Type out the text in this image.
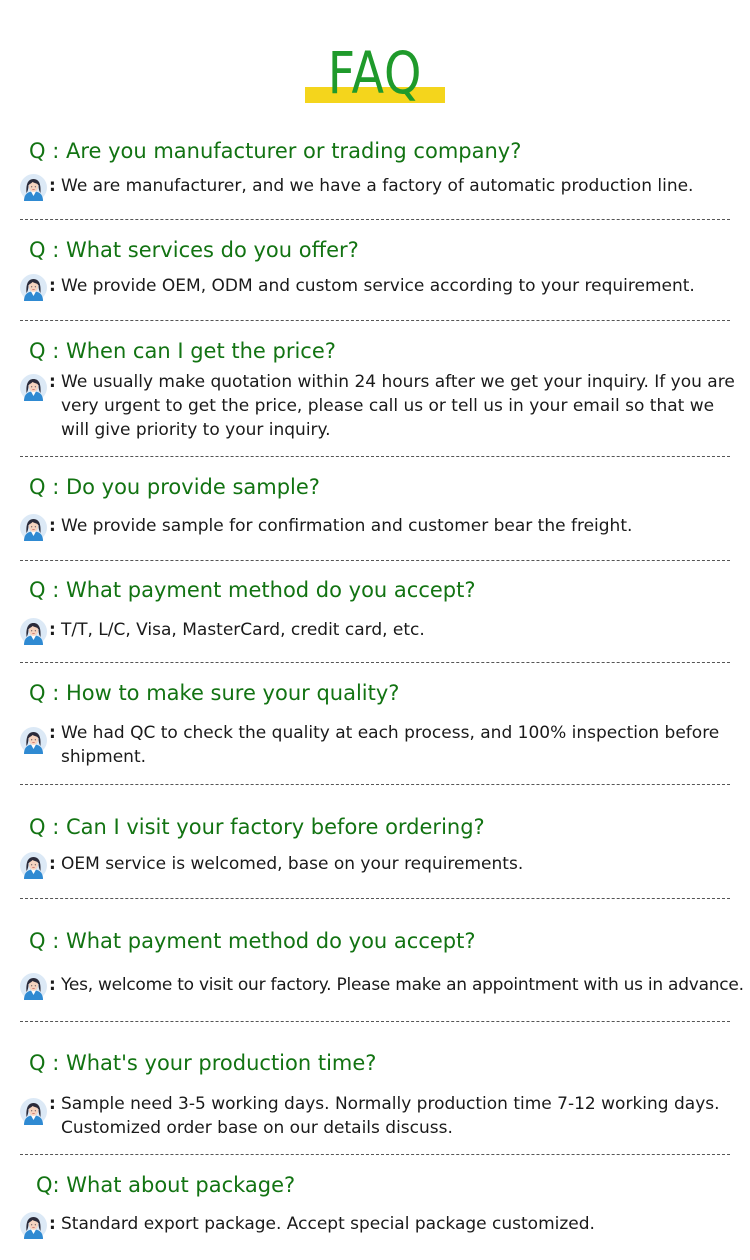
FAQ
Q : Are you manufacturer or trading company?
: We are manufacturer, and we have a factory of automatic production line.
Q : What services do you offer?
: We provide OEM, ODM and custom service according to your requirement.
Q : When can I get the price?
: We usually make quotation within 24 hours after we get your inquiry. If you are very urgent to get the price, please call us or tell us in your email so that we will give priority to your inquiry.
Q : Do you provide sample?
: We provide sample for confirmation and customer bear the freight.
Q : What payment method do you accept?
: T/T, L/C, Visa, MasterCard, credit card, etc.
Q : How to make sure your quality?
: We had QC to check the quality at each process, and 100% inspection before shipment.
Q : Can I visit your factory before ordering?
: OEM service is welcomed, base on your requirements.
Q : What payment method do you accept?
: Yes, welcome to visit our factory. Please make an appointment with us in advance.
Q : What's your production time?
: Sample need 3-5 working days. Normally production time 7-12 working days. Customized order base on our details discuss.
Q: What about package?
: Standard export package. Accept special package customized.
